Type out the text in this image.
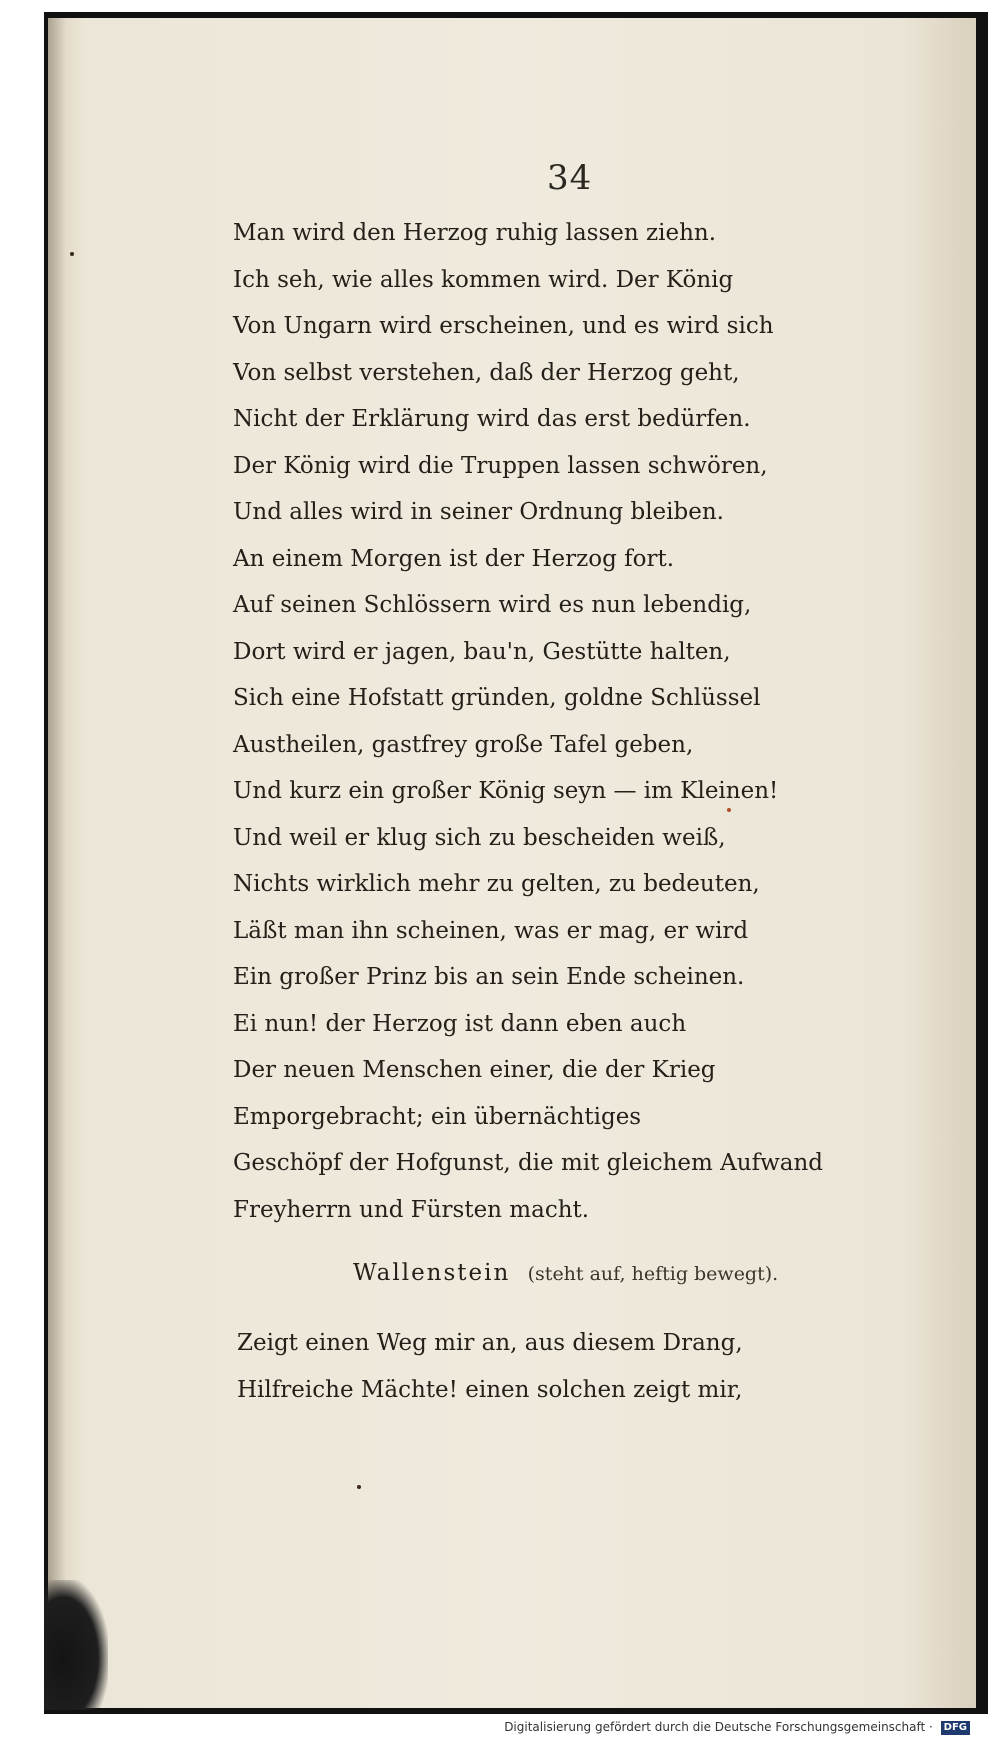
34
Man wird den Herzog ruhig lassen ziehn.
Ich seh, wie alles kommen wird. Der König
Von Ungarn wird erscheinen, und es wird sich
Von selbst verstehen, daß der Herzog geht,
Nicht der Erklärung wird das erst bedürfen.
Der König wird die Truppen lassen schwören,
Und alles wird in seiner Ordnung bleiben.
An einem Morgen ist der Herzog fort.
Auf seinen Schlössern wird es nun lebendig,
Dort wird er jagen, bau'n, Gestütte halten,
Sich eine Hofstatt gründen, goldne Schlüssel
Austheilen, gastfrey große Tafel geben,
Und kurz ein großer König seyn — im Kleinen!
Und weil er klug sich zu bescheiden weiß,
Nichts wirklich mehr zu gelten, zu bedeuten,
Läßt man ihn scheinen, was er mag, er wird
Ein großer Prinz bis an sein Ende scheinen.
Ei nun! der Herzog ist dann eben auch
Der neuen Menschen einer, die der Krieg
Emporgebracht; ein übernächtiges
Geschöpf der Hofgunst, die mit gleichem Aufwand
Freyherrn und Fürsten macht.
Wallenstein (steht auf, heftig bewegt).
Zeigt einen Weg mir an, aus diesem Drang,
Hilfreiche Mächte! einen solchen zeigt mir,
Digitalisierung gefördert durch die Deutsche Forschungsgemeinschaft · DFG
